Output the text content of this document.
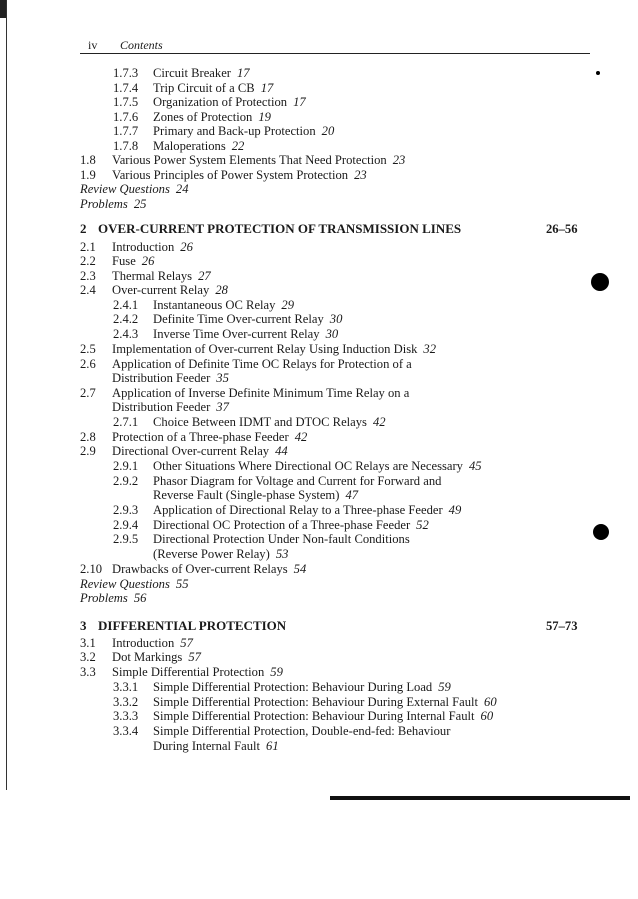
iv Contents
1.7.3 Circuit Breaker 17
1.7.4 Trip Circuit of a CB 17
1.7.5 Organization of Protection 17
1.7.6 Zones of Protection 19
1.7.7 Primary and Back-up Protection 20
1.7.8 Maloperations 22
1.8 Various Power System Elements That Need Protection 23
1.9 Various Principles of Power System Protection 23
Review Questions 24
Problems 25
2 OVER-CURRENT PROTECTION OF TRANSMISSION LINES	26–56
2.1 Introduction 26
2.2 Fuse 26
2.3 Thermal Relays 27
2.4 Over-current Relay 28
2.4.1 Instantaneous OC Relay 29
2.4.2 Definite Time Over-current Relay 30
2.4.3 Inverse Time Over-current Relay 30
2.5 Implementation of Over-current Relay Using Induction Disk 32
2.6 Application of Definite Time OC Relays for Protection of a
Distribution Feeder 35
2.7 Application of Inverse Definite Minimum Time Relay on a
Distribution Feeder 37
2.7.1 Choice Between IDMT and DTOC Relays 42
2.8 Protection of a Three-phase Feeder 42
2.9 Directional Over-current Relay 44
2.9.1 Other Situations Where Directional OC Relays are Necessary 45
2.9.2 Phasor Diagram for Voltage and Current for Forward and
Reverse Fault (Single-phase System) 47
2.9.3 Application of Directional Relay to a Three-phase Feeder 49
2.9.4 Directional OC Protection of a Three-phase Feeder 52
2.9.5 Directional Protection Under Non-fault Conditions
(Reverse Power Relay) 53
2.10 Drawbacks of Over-current Relays 54
Review Questions 55
Problems 56
3 DIFFERENTIAL PROTECTION	57–73
3.1 Introduction 57
3.2 Dot Markings 57
3.3 Simple Differential Protection 59
3.3.1 Simple Differential Protection: Behaviour During Load 59
3.3.2 Simple Differential Protection: Behaviour During External Fault 60
3.3.3 Simple Differential Protection: Behaviour During Internal Fault 60
3.3.4 Simple Differential Protection, Double-end-fed: Behaviour
During Internal Fault 61
